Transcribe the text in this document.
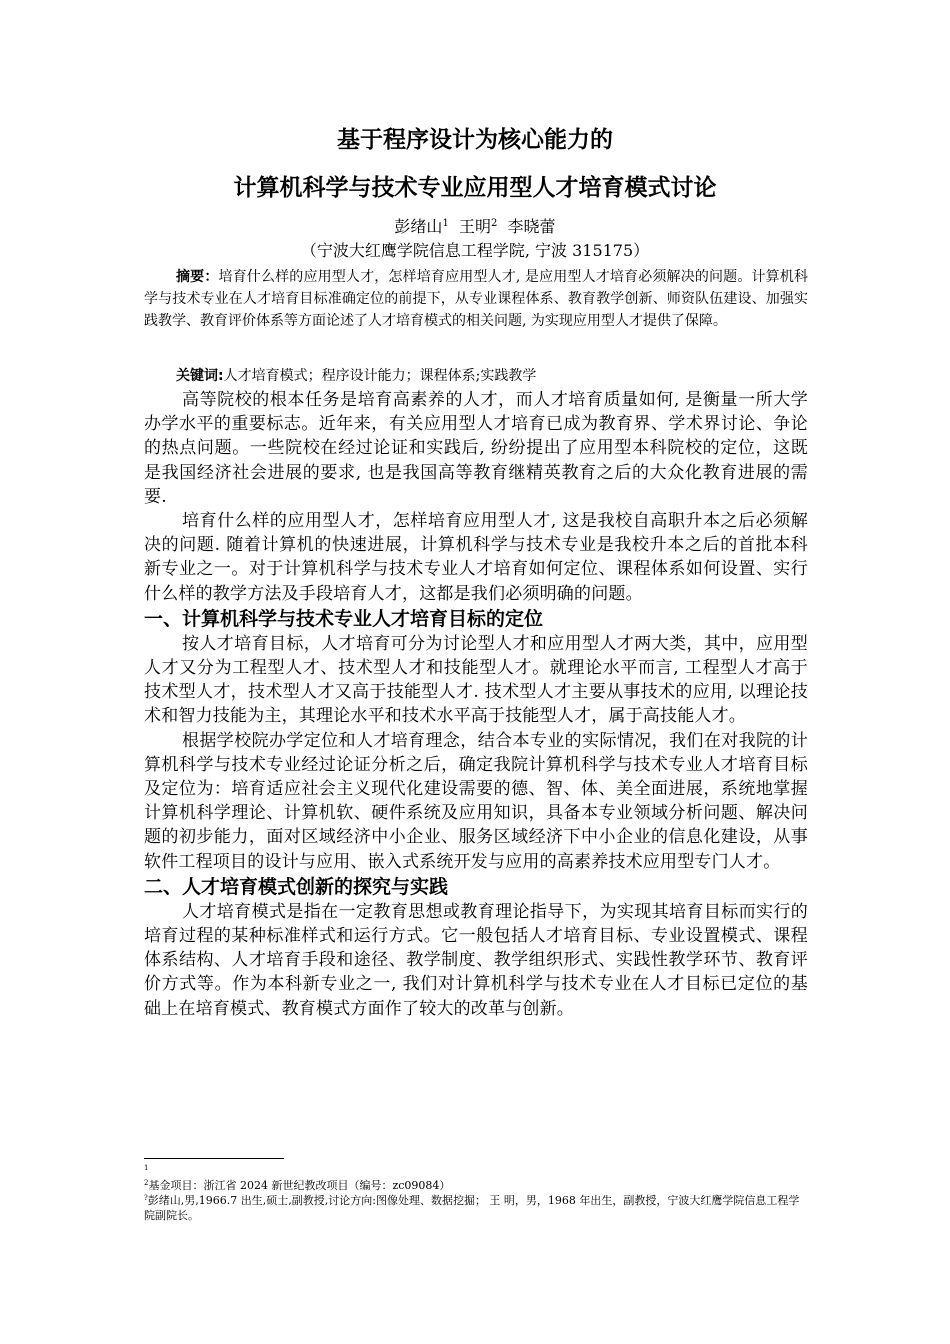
基于程序设计为核心能力的
计算机科学与技术专业应用型人才培育模式讨论
彭绪山$^1$ 王明$^2$ 李晓蕾
（宁波大红鹰学院信息工程学院, 宁波 315175）

摘要：培育什么样的应用型人才，怎样培育应用型人才, 是应用型人才培育必须解决的问题。计算机科学与技术专业在人才培育目标准确定位的前提下，从专业课程体系、教育教学创新、师资队伍建设、加强实践教学、教育评价体系等方面论述了人才培育模式的相关问题, 为实现应用型人才提供了保障。

关键词:人才培育模式；程序设计能力；课程体系;实践教学

高等院校的根本任务是培育高素养的人才，而人才培育质量如何, 是衡量一所大学办学水平的重要标志。近年来，有关应用型人才培育已成为教育界、学术界讨论、争论的热点问题。一些院校在经过论证和实践后, 纷纷提出了应用型本科院校的定位，这既是我国经济社会进展的要求, 也是我国高等教育继精英教育之后的大众化教育进展的需要.

培育什么样的应用型人才，怎样培育应用型人才, 这是我校自高职升本之后必须解决的问题. 随着计算机的快速进展，计算机科学与技术专业是我校升本之后的首批本科新专业之一。对于计算机科学与技术专业人才培育如何定位、课程体系如何设置、实行什么样的教学方法及手段培育人才，这都是我们必须明确的问题。

一、计算机科学与技术专业人才培育目标的定位

按人才培育目标，人才培育可分为讨论型人才和应用型人才两大类，其中，应用型人才又分为工程型人才、技术型人才和技能型人才。就理论水平而言, 工程型人才高于技术型人才，技术型人才又高于技能型人才. 技术型人才主要从事技术的应用, 以理论技术和智力技能为主，其理论水平和技术水平高于技能型人才，属于高技能人才。

根据学校院办学定位和人才培育理念，结合本专业的实际情况，我们在对我院的计算机科学与技术专业经过论证分析之后，确定我院计算机科学与技术专业人才培育目标及定位为：培育适应社会主义现代化建设需要的德、智、体、美全面进展，系统地掌握计算机科学理论、计算机软、硬件系统及应用知识，具备本专业领域分析问题、解决问题的初步能力，面对区域经济中小企业、服务区域经济下中小企业的信息化建设，从事软件工程项目的设计与应用、嵌入式系统开发与应用的高素养技术应用型专门人才。

二、人才培育模式创新的探究与实践

人才培育模式是指在一定教育思想或教育理论指导下，为实现其培育目标而实行的培育过程的某种标准样式和运行方式。它一般包括人才培育目标、专业设置模式、课程体系结构、人才培育手段和途径、教学制度、教学组织形式、实践性教学环节、教育评价方式等。作为本科新专业之一, 我们对计算机科学与技术专业在人才目标已定位的基础上在培育模式、教育模式方面作了较大的改革与创新。

$^1$
$^2$基金项目：浙江省 2024 新世纪教改项目（编号：zc09084）
?彭绪山,男,1966.7 出生,硕士,副教授,讨论方向:图像处理、数据挖掘； 王 明，男，1968 年出生，副教授，宁波大红鹰学院信息工程学院副院长。
